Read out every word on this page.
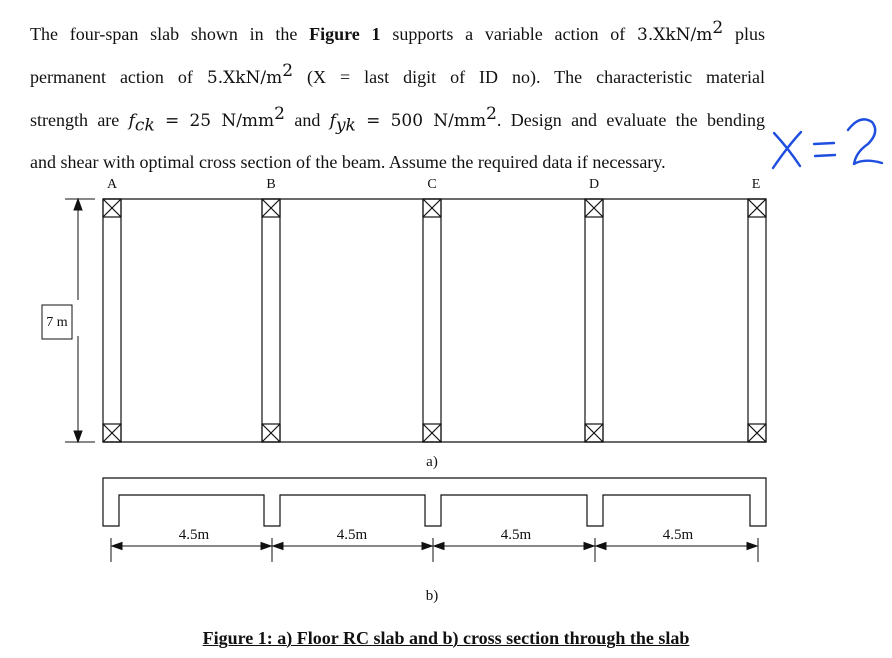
The four-span slab shown in the Figure 1 supports a variable action of $3.XkN/m^2$ plus
permanent action of $5.XkN/m^2$ (X = last digit of ID no). The characteristic material
strength are $f_{ck} = 25$ $N/mm^2$ and $f_{yk} = 500$ $N/mm^2$. Design and evaluate the bending
and shear with optimal cross section of the beam. Assume the required data if necessary.
A	B	C	D	E
7 m
a)
4.5m	4.5m	4.5m	4.5m
b)
Figure 1: a) Floor RC slab and b) cross section through the slab
